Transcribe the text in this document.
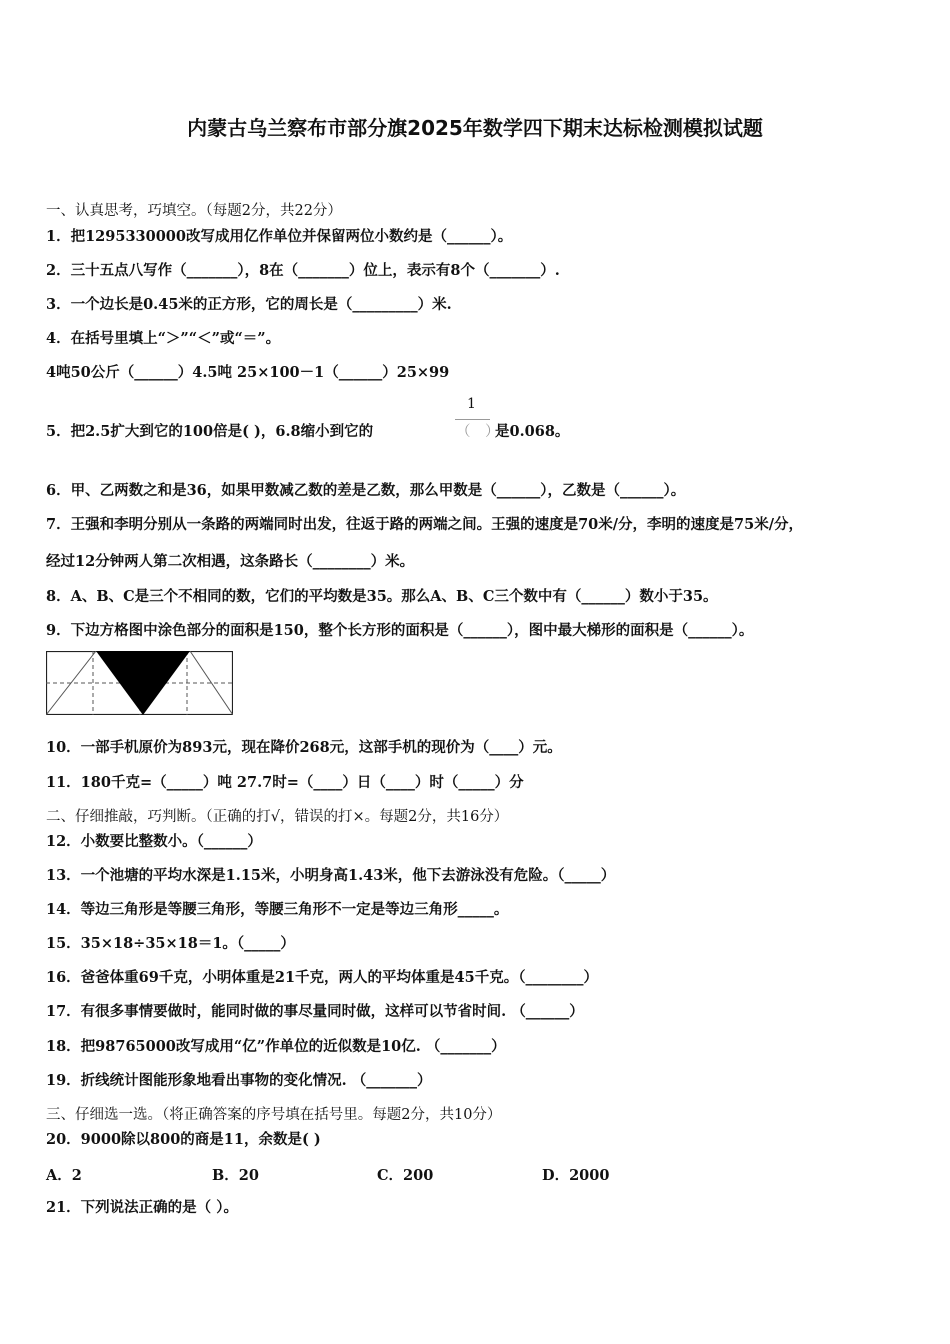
内蒙古乌兰察布市部分旗2025年数学四下期末达标检测模拟试题
一、认真思考，巧填空。（每题2分，共22分）
1．把1295330000改写成用亿作单位并保留两位小数约是（______）。
2．三十五点八写作（_______），8在（_______）位上，表示有8个（_______）.
3．一个边长是0.45米的正方形，它的周长是（_________）米.
4．在括号里填上“＞”“＜”或“＝”。
4吨50公斤（______）4.5吨 25×100－1（______）25×99
5．把2.5扩大到它的100倍是( )，6.8缩小到它的
1
（　）
是0.068。
6．甲、乙两数之和是36，如果甲数减乙数的差是乙数，那么甲数是（______），乙数是（______）。
7．王强和李明分别从一条路的两端同时出发，往返于路的两端之间。王强的速度是70米/分，李明的速度是75米/分，
经过12分钟两人第二次相遇，这条路长（________）米。
8．A、B、C是三个不相同的数，它们的平均数是35。那么A、B、C三个数中有（______）数小于35。
9．下边方格图中涂色部分的面积是150，整个长方形的面积是（______），图中最大梯形的面积是（______）。
10．一部手机原价为893元，现在降价268元，这部手机的现价为（____）元。
11．180千克=（_____）吨 27.7时=（____）日（____）时（_____）分
二、仔细推敲，巧判断。（正确的打√，错误的打×。每题2分，共16分）
12．小数要比整数小。（______）
13．一个池塘的平均水深是1.15米，小明身高1.43米，他下去游泳没有危险。（_____）
14．等边三角形是等腰三角形，等腰三角形不一定是等边三角形_____。
15．35×18÷35×18＝1。（_____）
16．爸爸体重69千克，小明体重是21千克，两人的平均体重是45千克。（________）
17．有很多事情要做时，能同时做的事尽量同时做，这样可以节省时间. （______）
18．把98765000改写成用“亿”作单位的近似数是10亿. （_______）
19．折线统计图能形象地看出事物的变化情况. （_______）
三、仔细选一选。（将正确答案的序号填在括号里。每题2分，共10分）
20．9000除以800的商是11，余数是( )
A．2	B．20	C．200	D．2000
21．下列说法正确的是（ ）。
